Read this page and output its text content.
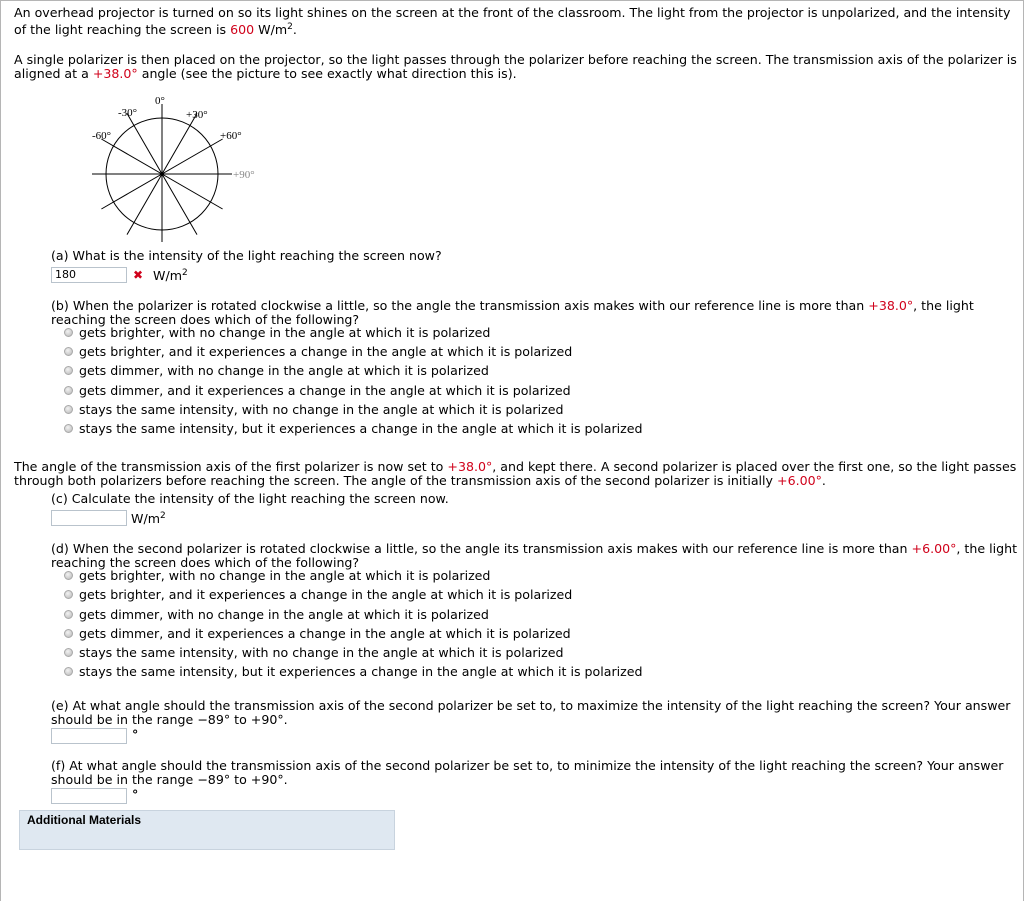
An overhead projector is turned on so its light shines on the screen at the front of the classroom. The light from the projector is unpolarized, and the intensity
of the light reaching the screen is 600 $W/m^2$.
A single polarizer is then placed on the projector, so the light passes through the polarizer before reaching the screen. The transmission axis of the polarizer is
aligned at a +38.0° angle (see the picture to see exactly what direction this is).
0°
-30°	+30°
-60°	+60°
+90°
(a) What is the intensity of the light reaching the screen now?
180	✖ $W/m^2$
(b) When the polarizer is rotated clockwise a little, so the angle the transmission axis makes with our reference line is more than +38.0°, the light
reaching the screen does which of the following?
gets brighter, with no change in the angle at which it is polarized
gets brighter, and it experiences a change in the angle at which it is polarized
gets dimmer, with no change in the angle at which it is polarized
gets dimmer, and it experiences a change in the angle at which it is polarized
stays the same intensity, with no change in the angle at which it is polarized
stays the same intensity, but it experiences a change in the angle at which it is polarized
The angle of the transmission axis of the first polarizer is now set to +38.0°, and kept there. A second polarizer is placed over the first one, so the light passes
through both polarizers before reaching the screen. The angle of the transmission axis of the second polarizer is initially +6.00°.
(c) Calculate the intensity of the light reaching the screen now.
$W/m^2$
(d) When the second polarizer is rotated clockwise a little, so the angle its transmission axis makes with our reference line is more than +6.00°, the light
reaching the screen does which of the following?
gets brighter, with no change in the angle at which it is polarized
gets brighter, and it experiences a change in the angle at which it is polarized
gets dimmer, with no change in the angle at which it is polarized
gets dimmer, and it experiences a change in the angle at which it is polarized
stays the same intensity, with no change in the angle at which it is polarized
stays the same intensity, but it experiences a change in the angle at which it is polarized
(e) At what angle should the transmission axis of the second polarizer be set to, to maximize the intensity of the light reaching the screen? Your answer
should be in the range −89° to +90°.
°
(f) At what angle should the transmission axis of the second polarizer be set to, to minimize the intensity of the light reaching the screen? Your answer
should be in the range −89° to +90°.
°
Additional Materials
